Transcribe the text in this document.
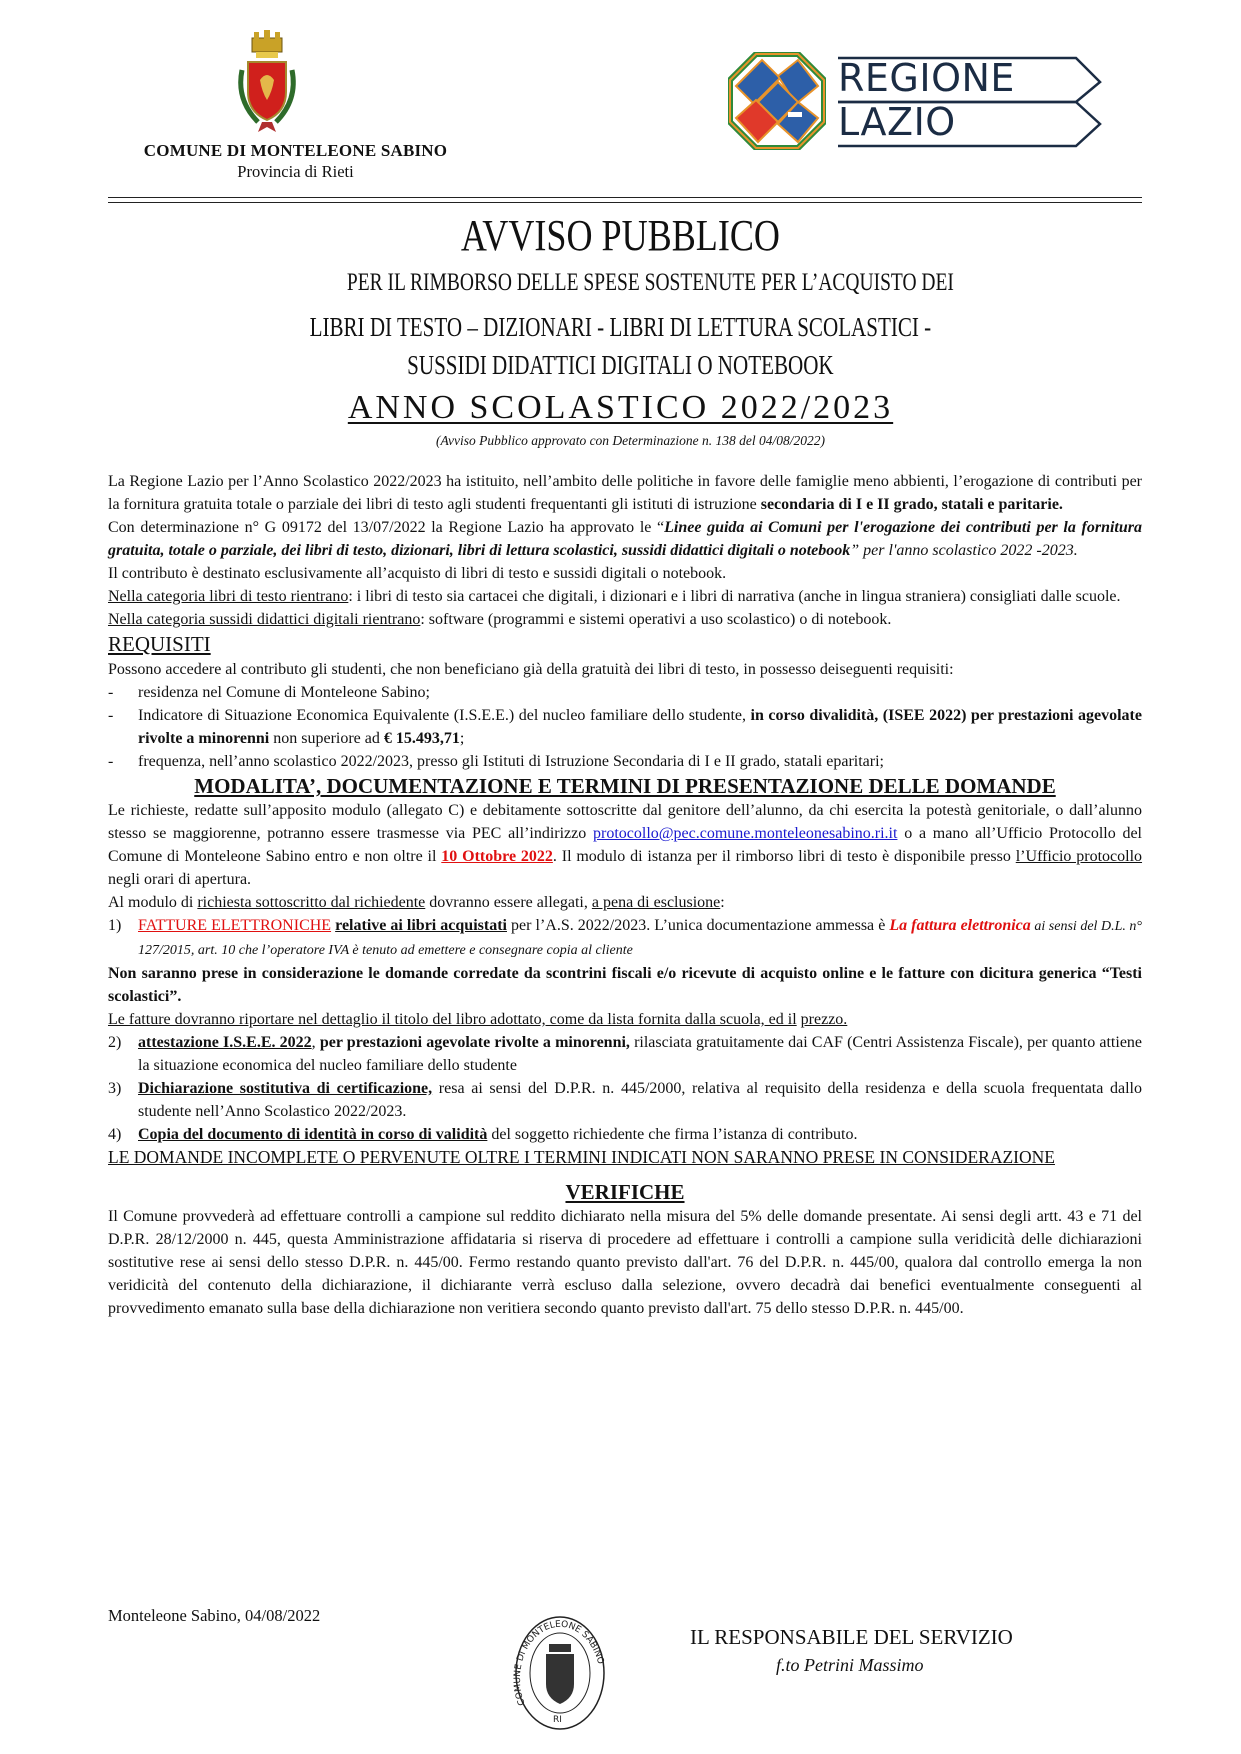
COMUNE DI MONTELEONE SABINO
Provincia di Rieti
REGIONE
LAZIO
AVVISO PUBBLICO
PER IL RIMBORSO DELLE SPESE SOSTENUTE PER L’ACQUISTO DEI
LIBRI DI TESTO – DIZIONARI - LIBRI DI LETTURA SCOLASTICI -
SUSSIDI DIDATTICI DIGITALI O NOTEBOOK
ANNO SCOLASTICO 2022/2023
(Avviso Pubblico approvato con Determinazione n. 138 del 04/08/2022)

La Regione Lazio per l’Anno Scolastico 2022/2023 ha istituito, nell’ambito delle politiche in favore delle famiglie meno abbienti, l’erogazione di contributi per la fornitura gratuita totale o parziale dei libri di testo agli studenti frequentanti gli istituti di istruzione secondaria di I e II grado, statali e paritarie.

Con determinazione n° G 09172 del 13/07/2022 la Regione Lazio ha approvato le “Linee guida ai Comuni per l'erogazione dei contributi per la fornitura gratuita, totale o parziale, dei libri di testo, dizionari, libri di lettura scolastici, sussidi didattici digitali o notebook” per l'anno scolastico 2022 -2023.

Il contributo è destinato esclusivamente all’acquisto di libri di testo e sussidi digitali o notebook.

Nella categoria libri di testo rientrano: i libri di testo sia cartacei che digitali, i dizionari e i libri di narrativa (anche in lingua straniera) consigliati dalle scuole.

Nella categoria sussidi didattici digitali rientrano: software (programmi e sistemi operativi a uso scolastico) o di notebook.

REQUISITI

Possono accedere al contributo gli studenti, che non beneficiano già della gratuità dei libri di testo, in possesso deiseguenti requisiti:

-	residenza nel Comune di Monteleone Sabino;
-	Indicatore di Situazione Economica Equivalente (I.S.E.E.) del nucleo familiare dello studente, in corso divalidità, (ISEE 2022) per prestazioni agevolate rivolte a minorenni non superiore ad € 15.493,71;
-	frequenza, nell’anno scolastico 2022/2023, presso gli Istituti di Istruzione Secondaria di I e II grado, statali eparitari;
MODALITA’, DOCUMENTAZIONE E TERMINI DI PRESENTAZIONE DELLE DOMANDE

Le richieste, redatte sull’apposito modulo (allegato C) e debitamente sottoscritte dal genitore dell’alunno, da chi esercita la potestà genitoriale, o dall’alunno stesso se maggiorenne, potranno essere trasmesse via PEC all’indirizzo protocollo@pec.comune.monteleonesabino.ri.it o a mano all’Ufficio Protocollo del Comune di Monteleone Sabino entro e non oltre il 10 Ottobre 2022. Il modulo di istanza per il rimborso libri di testo è disponibile presso l’Ufficio protocollo negli orari di apertura.

Al modulo di richiesta sottoscritto dal richiedente dovranno essere allegati, a pena di esclusione:

1)	FATTURE ELETTRONICHE relative ai libri acquistati per l’A.S. 2022/2023. L’unica documentazione ammessa è La fattura elettronica ai sensi del D.L. n° 127/2015, art. 10 che l’operatore IVA è tenuto ad emettere e consegnare copia al cliente

Non saranno prese in considerazione le domande corredate da scontrini fiscali e/o ricevute di acquisto online e le fatture con dicitura generica “Testi scolastici”.

Le fatture dovranno riportare nel dettaglio il titolo del libro adottato, come da lista fornita dalla scuola, ed il prezzo.

2)	attestazione I.S.E.E. 2022, per prestazioni agevolate rivolte a minorenni, rilasciata gratuitamente dai CAF (Centri Assistenza Fiscale), per quanto attiene la situazione economica del nucleo familiare dello studente
3)	Dichiarazione sostitutiva di certificazione, resa ai sensi del D.P.R. n. 445/2000, relativa al requisito della residenza e della scuola frequentata dallo studente nell’Anno Scolastico 2022/2023.
4)	Copia del documento di identità in corso di validità del soggetto richiedente che firma l’istanza di contributo.

LE DOMANDE INCOMPLETE O PERVENUTE OLTRE I TERMINI INDICATI NON SARANNO PRESE IN CONSIDERAZIONE

VERIFICHE

Il Comune provvederà ad effettuare controlli a campione sul reddito dichiarato nella misura del 5% delle domande presentate. Ai sensi degli artt. 43 e 71 del D.P.R. 28/12/2000 n. 445, questa Amministrazione affidataria si riserva di procedere ad effettuare i controlli a campione sulla veridicità delle dichiarazioni sostitutive rese ai sensi dello stesso D.P.R. n. 445/00. Fermo restando quanto previsto dall'art. 76 del D.P.R. n. 445/00, qualora dal controllo emerga la non veridicità del contenuto della dichiarazione, il dichiarante verrà escluso dalla selezione, ovvero decadrà dai benefici eventualmente conseguenti al provvedimento emanato sulla base della dichiarazione non veritiera secondo quanto previsto dall'art. 75 dello stesso D.P.R. n. 445/00.

Monteleone Sabino, 04/08/2022
COMUNE DI MONTELEONE SABINO
RI
IL RESPONSABILE DEL SERVIZIO
f.to Petrini Massimo
